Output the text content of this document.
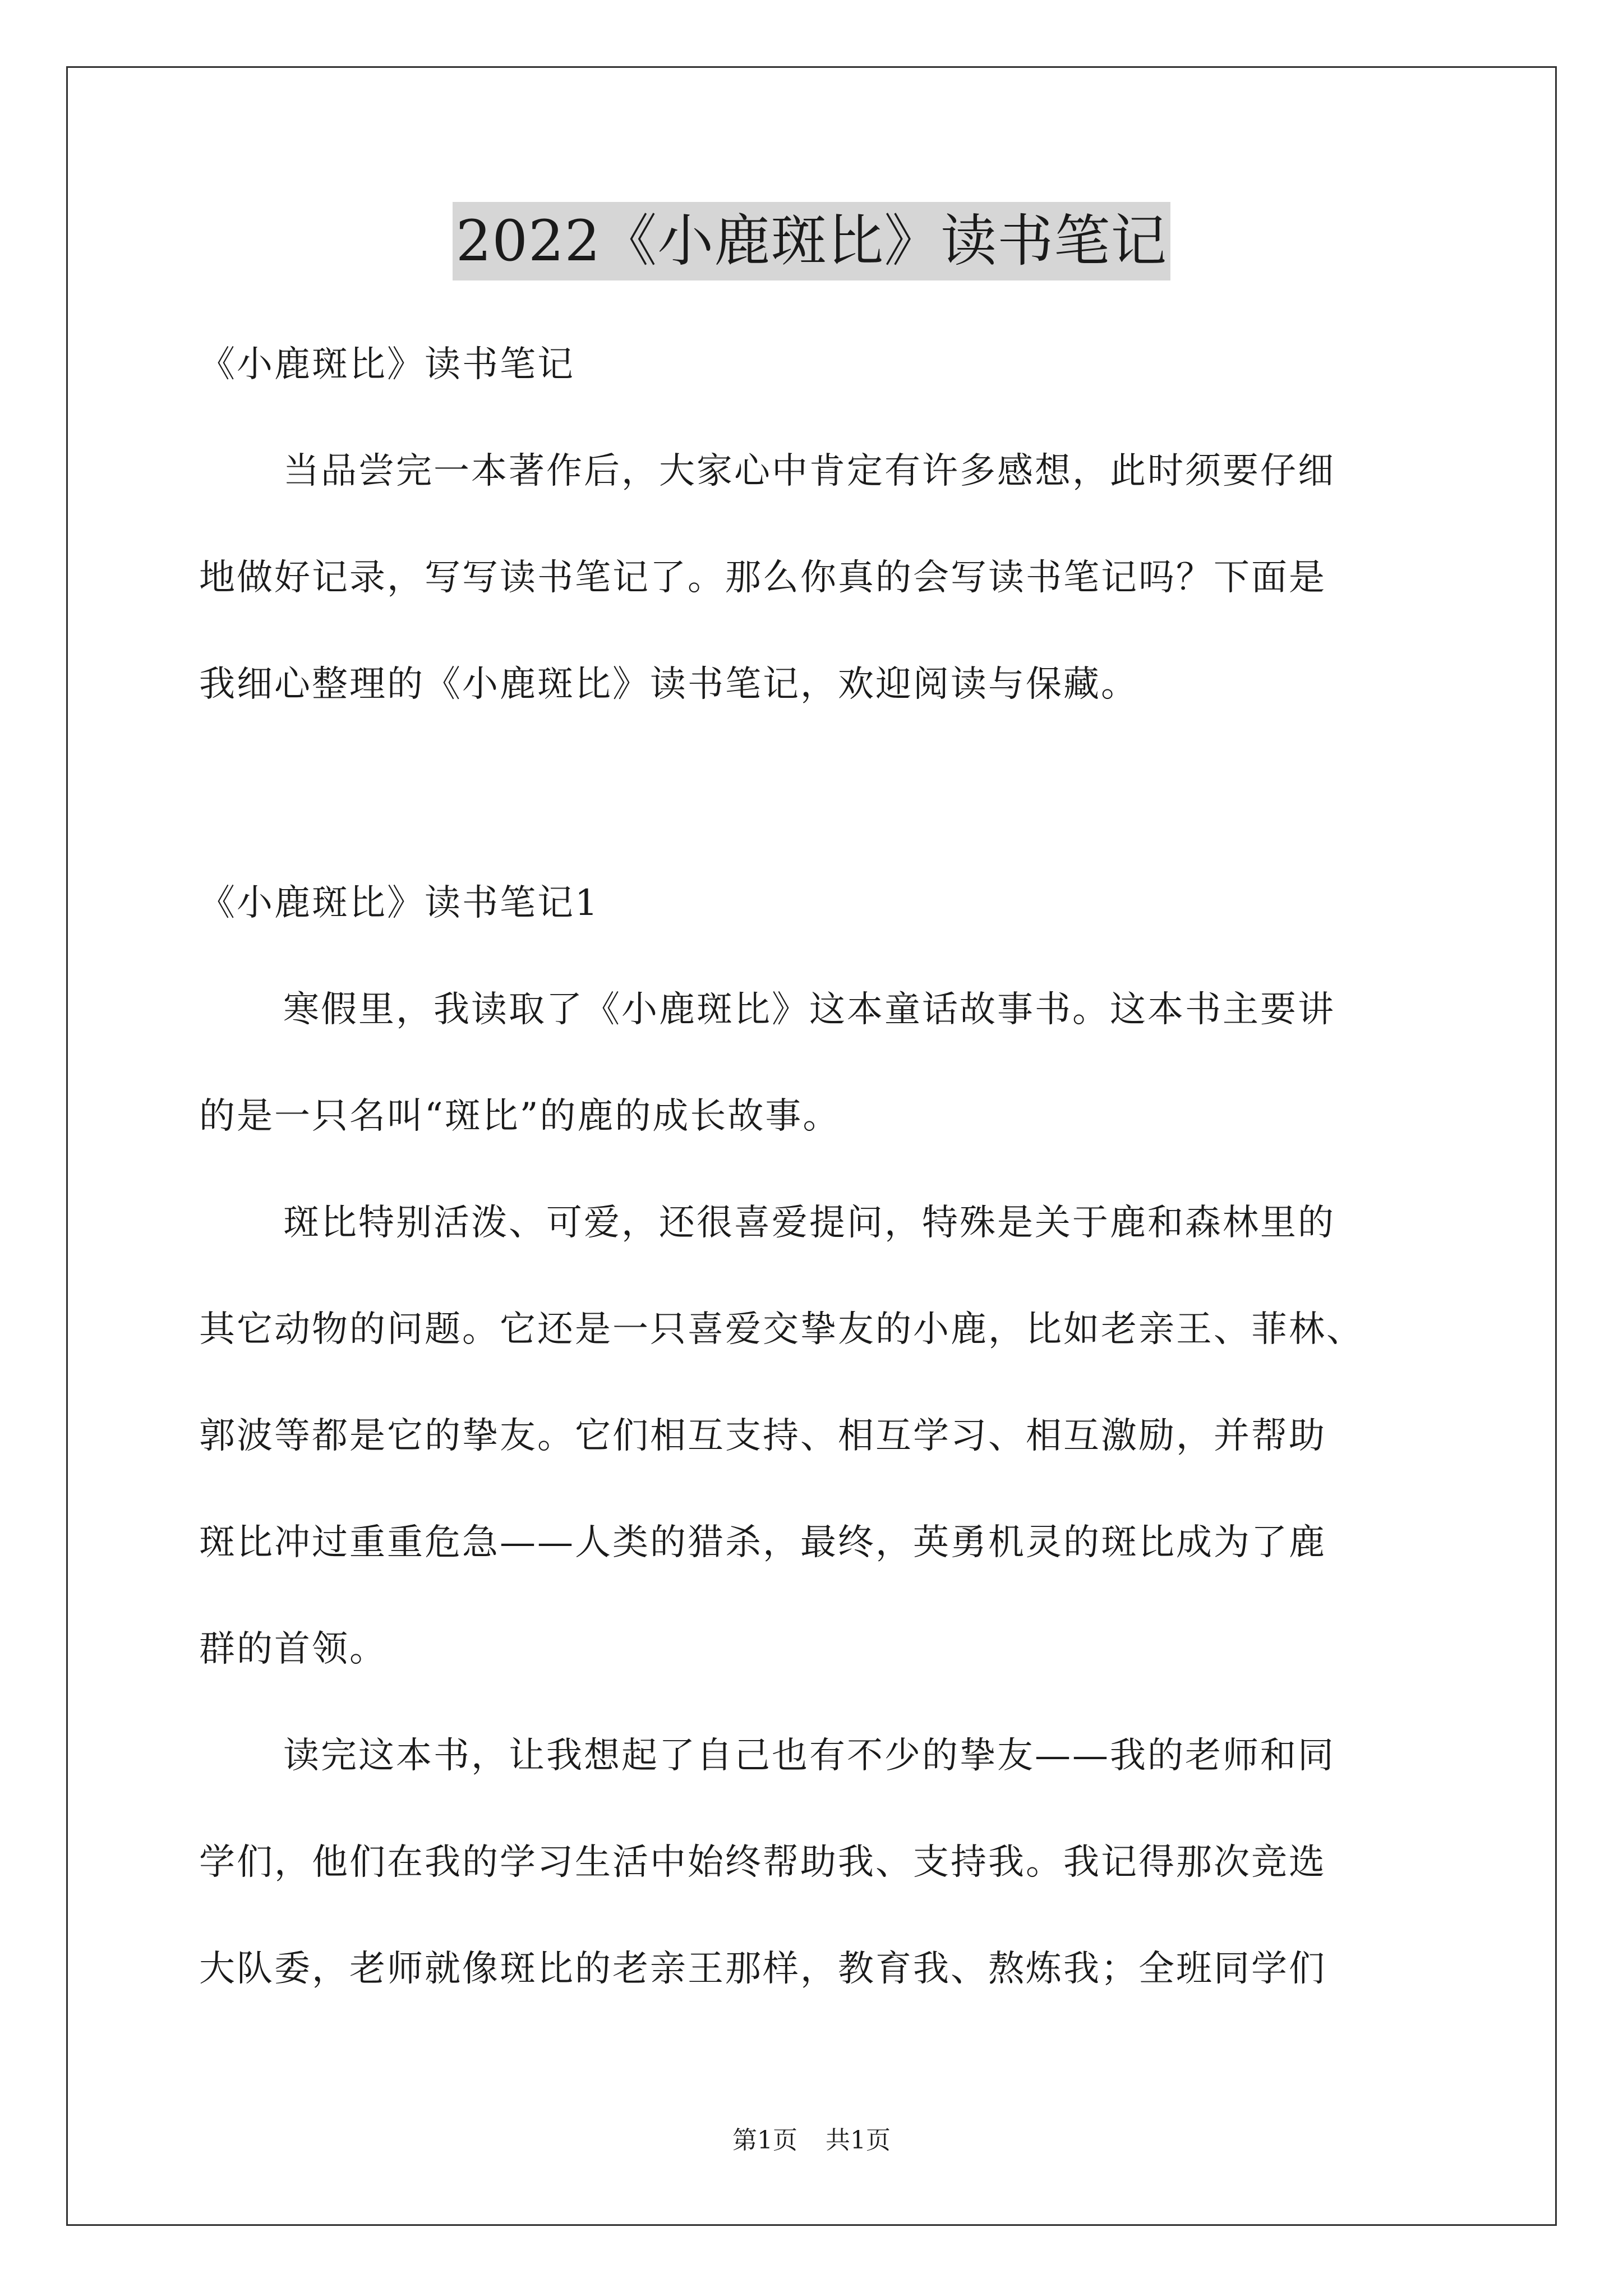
2022《小鹿斑比》读书笔记
《小鹿斑比》读书笔记
当品尝完一本著作后，大家心中肯定有许多感想，此时须要仔细
地做好记录，写写读书笔记了。那么你真的会写读书笔记吗？下面是
我细心整理的《小鹿斑比》读书笔记，欢迎阅读与保藏。
《小鹿斑比》读书笔记1
寒假里，我读取了《小鹿斑比》这本童话故事书。这本书主要讲
的是一只名叫“斑比”的鹿的成长故事。
斑比特别活泼、可爱，还很喜爱提问，特殊是关于鹿和森林里的
其它动物的问题。它还是一只喜爱交挚友的小鹿，比如老亲王、菲林、
郭波等都是它的挚友。它们相互支持、相互学习、相互激励，并帮助
斑比冲过重重危急——人类的猎杀，最终，英勇机灵的斑比成为了鹿
群的首领。
读完这本书，让我想起了自己也有不少的挚友——我的老师和同
学们，他们在我的学习生活中始终帮助我、支持我。我记得那次竞选
大队委，老师就像斑比的老亲王那样，教育我、熬炼我；全班同学们
第1页 共1页
